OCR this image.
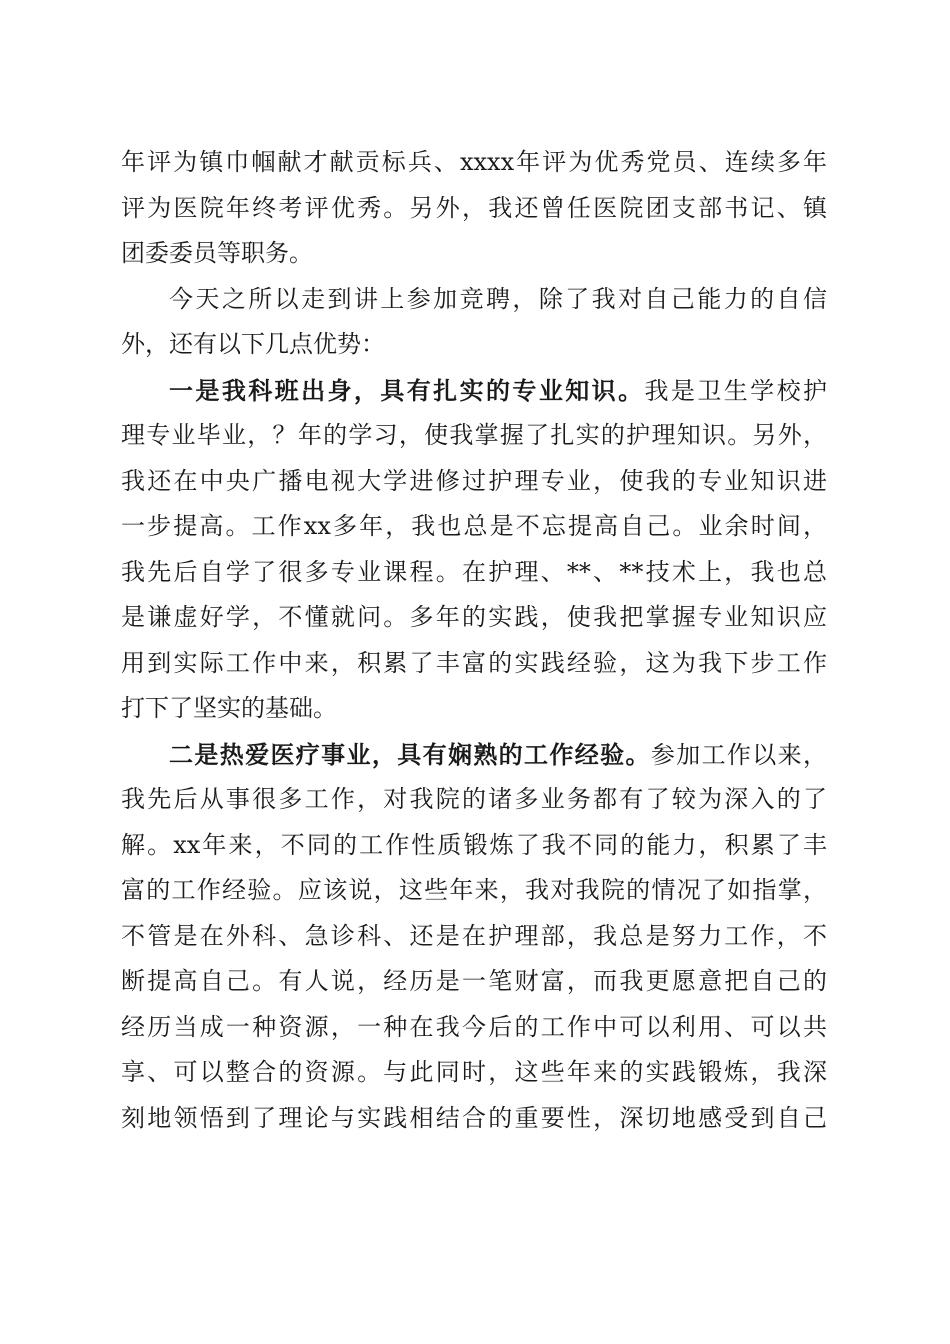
年评为镇巾帼献才献贡标兵、xxxx年评为优秀党员、连续多年
评为医院年终考评优秀。另外，我还曾任医院团支部书记、镇
团委委员等职务。
今天之所以走到讲上参加竞聘，除了我对自己能力的自信
外，还有以下几点优势：
一是我科班出身，具有扎实的专业知识。我是卫生学校护
理专业毕业，？年的学习，使我掌握了扎实的护理知识。另外，
我还在中央广播电视大学进修过护理专业，使我的专业知识进
一步提高。工作xx多年，我也总是不忘提高自己。业余时间，
我先后自学了很多专业课程。在护理、**、**技术上，我也总
是谦虚好学，不懂就问。多年的实践，使我把掌握专业知识应
用到实际工作中来，积累了丰富的实践经验，这为我下步工作
打下了坚实的基础。
二是热爱医疗事业，具有娴熟的工作经验。参加工作以来，
我先后从事很多工作，对我院的诸多业务都有了较为深入的了
解。xx年来，不同的工作性质锻炼了我不同的能力，积累了丰
富的工作经验。应该说，这些年来，我对我院的情况了如指掌，
不管是在外科、急诊科、还是在护理部，我总是努力工作，不
断提高自己。有人说，经历是一笔财富，而我更愿意把自己的
经历当成一种资源，一种在我今后的工作中可以利用、可以共
享、可以整合的资源。与此同时，这些年来的实践锻炼，我深
刻地领悟到了理论与实践相结合的重要性，深切地感受到自己
